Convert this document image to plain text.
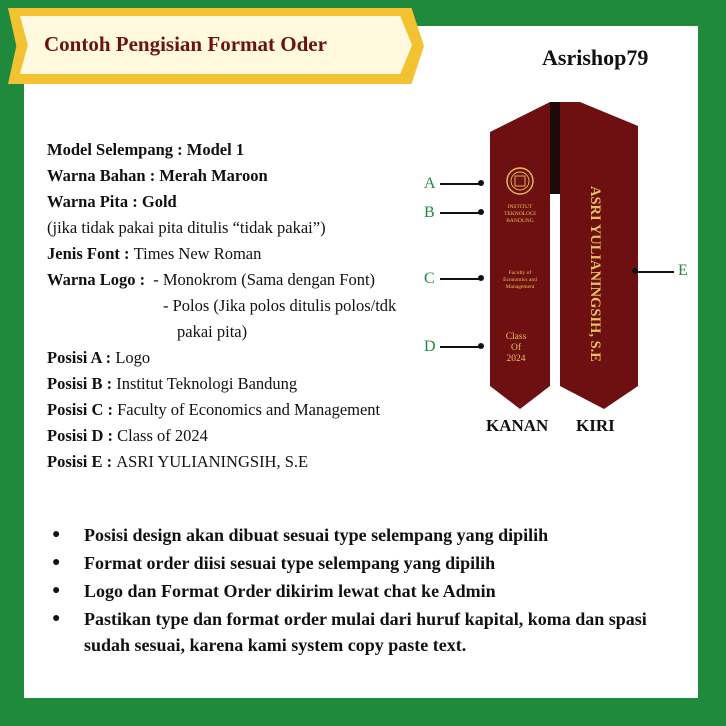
Contoh Pengisian Format Oder
Asrishop79
Model Selempang : Model 1
Warna Bahan : Merah Maroon
Warna Pita : Gold
(jika tidak pakai pita ditulis “tidak pakai”)
Jenis Font : Times New Roman
Warna Logo : - Monokrom (Sama dengan Font)
- Polos (Jika polos ditulis polos/tdk
pakai pita)
Posisi A : Logo
Posisi B : Institut Teknologi Bandung
Posisi C : Faculty of Economics and Management
Posisi D : Class of 2024
Posisi E : ASRI YULIANINGSIH, S.E
INSTITUT
TEKNOLOGI
BANDUNG
Faculty of
Economics and
Management
Class
Of
2024	ASRI YULIANINGSIH, S.E
A
B
C
D
E
KANAN KIRI
● Posisi design akan dibuat sesuai type selempang yang dipilih
● Format order diisi sesuai type selempang yang dipilih
● Logo dan Format Order dikirim lewat chat ke Admin
● Pastikan type dan format order mulai dari huruf kapital, koma dan spasi sudah sesuai, karena kami system copy paste text.
